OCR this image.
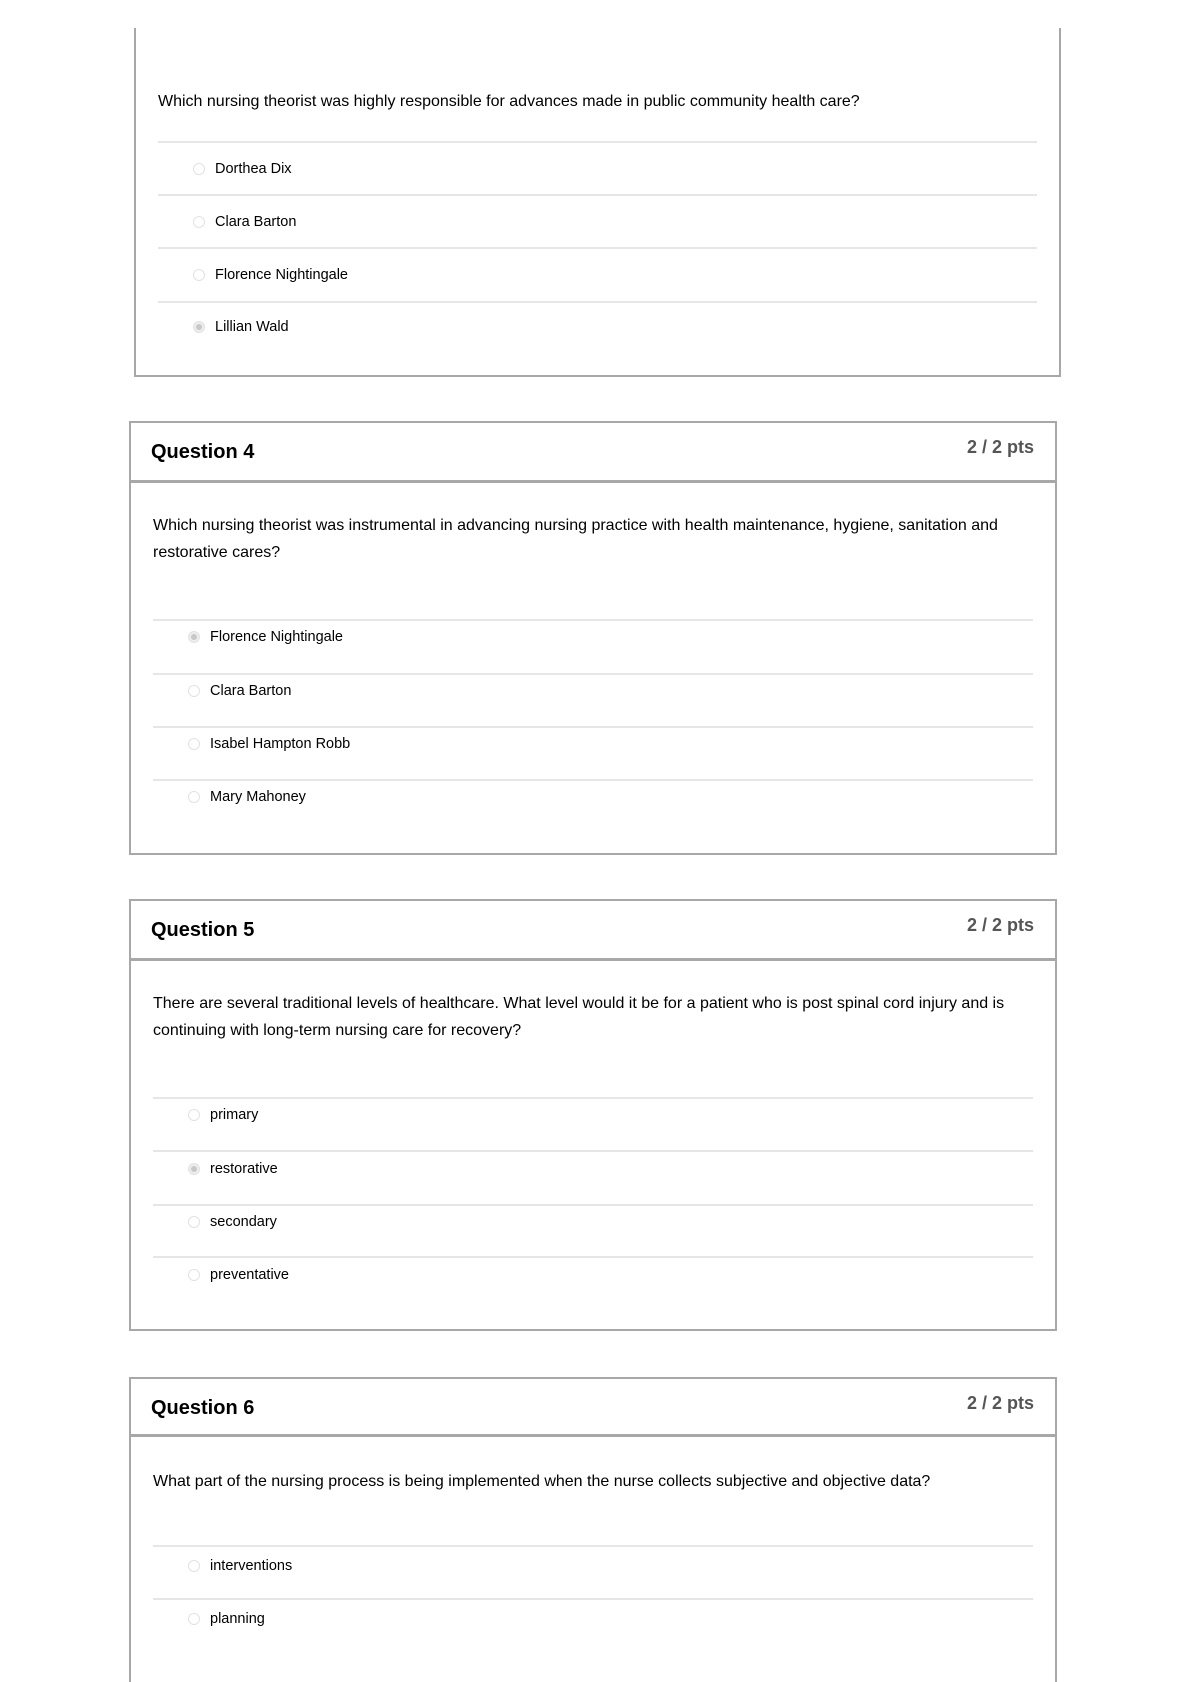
Which nursing theorist was highly responsible for advances made in public community health care?
Dorthea Dix
Clara Barton
Florence Nightingale
Lillian Wald
Question 4	2 / 2 pts
Which nursing theorist was instrumental in advancing nursing practice with health maintenance, hygiene, sanitation and restorative cares?
Florence Nightingale
Clara Barton
Isabel Hampton Robb
Mary Mahoney
Question 5	2 / 2 pts
There are several traditional levels of healthcare. What level would it be for a patient who is post spinal cord injury and is continuing with long-term nursing care for recovery?
primary
restorative
secondary
preventative
Question 6	2 / 2 pts
What part of the nursing process is being implemented when the nurse collects subjective and objective data?
interventions
planning
